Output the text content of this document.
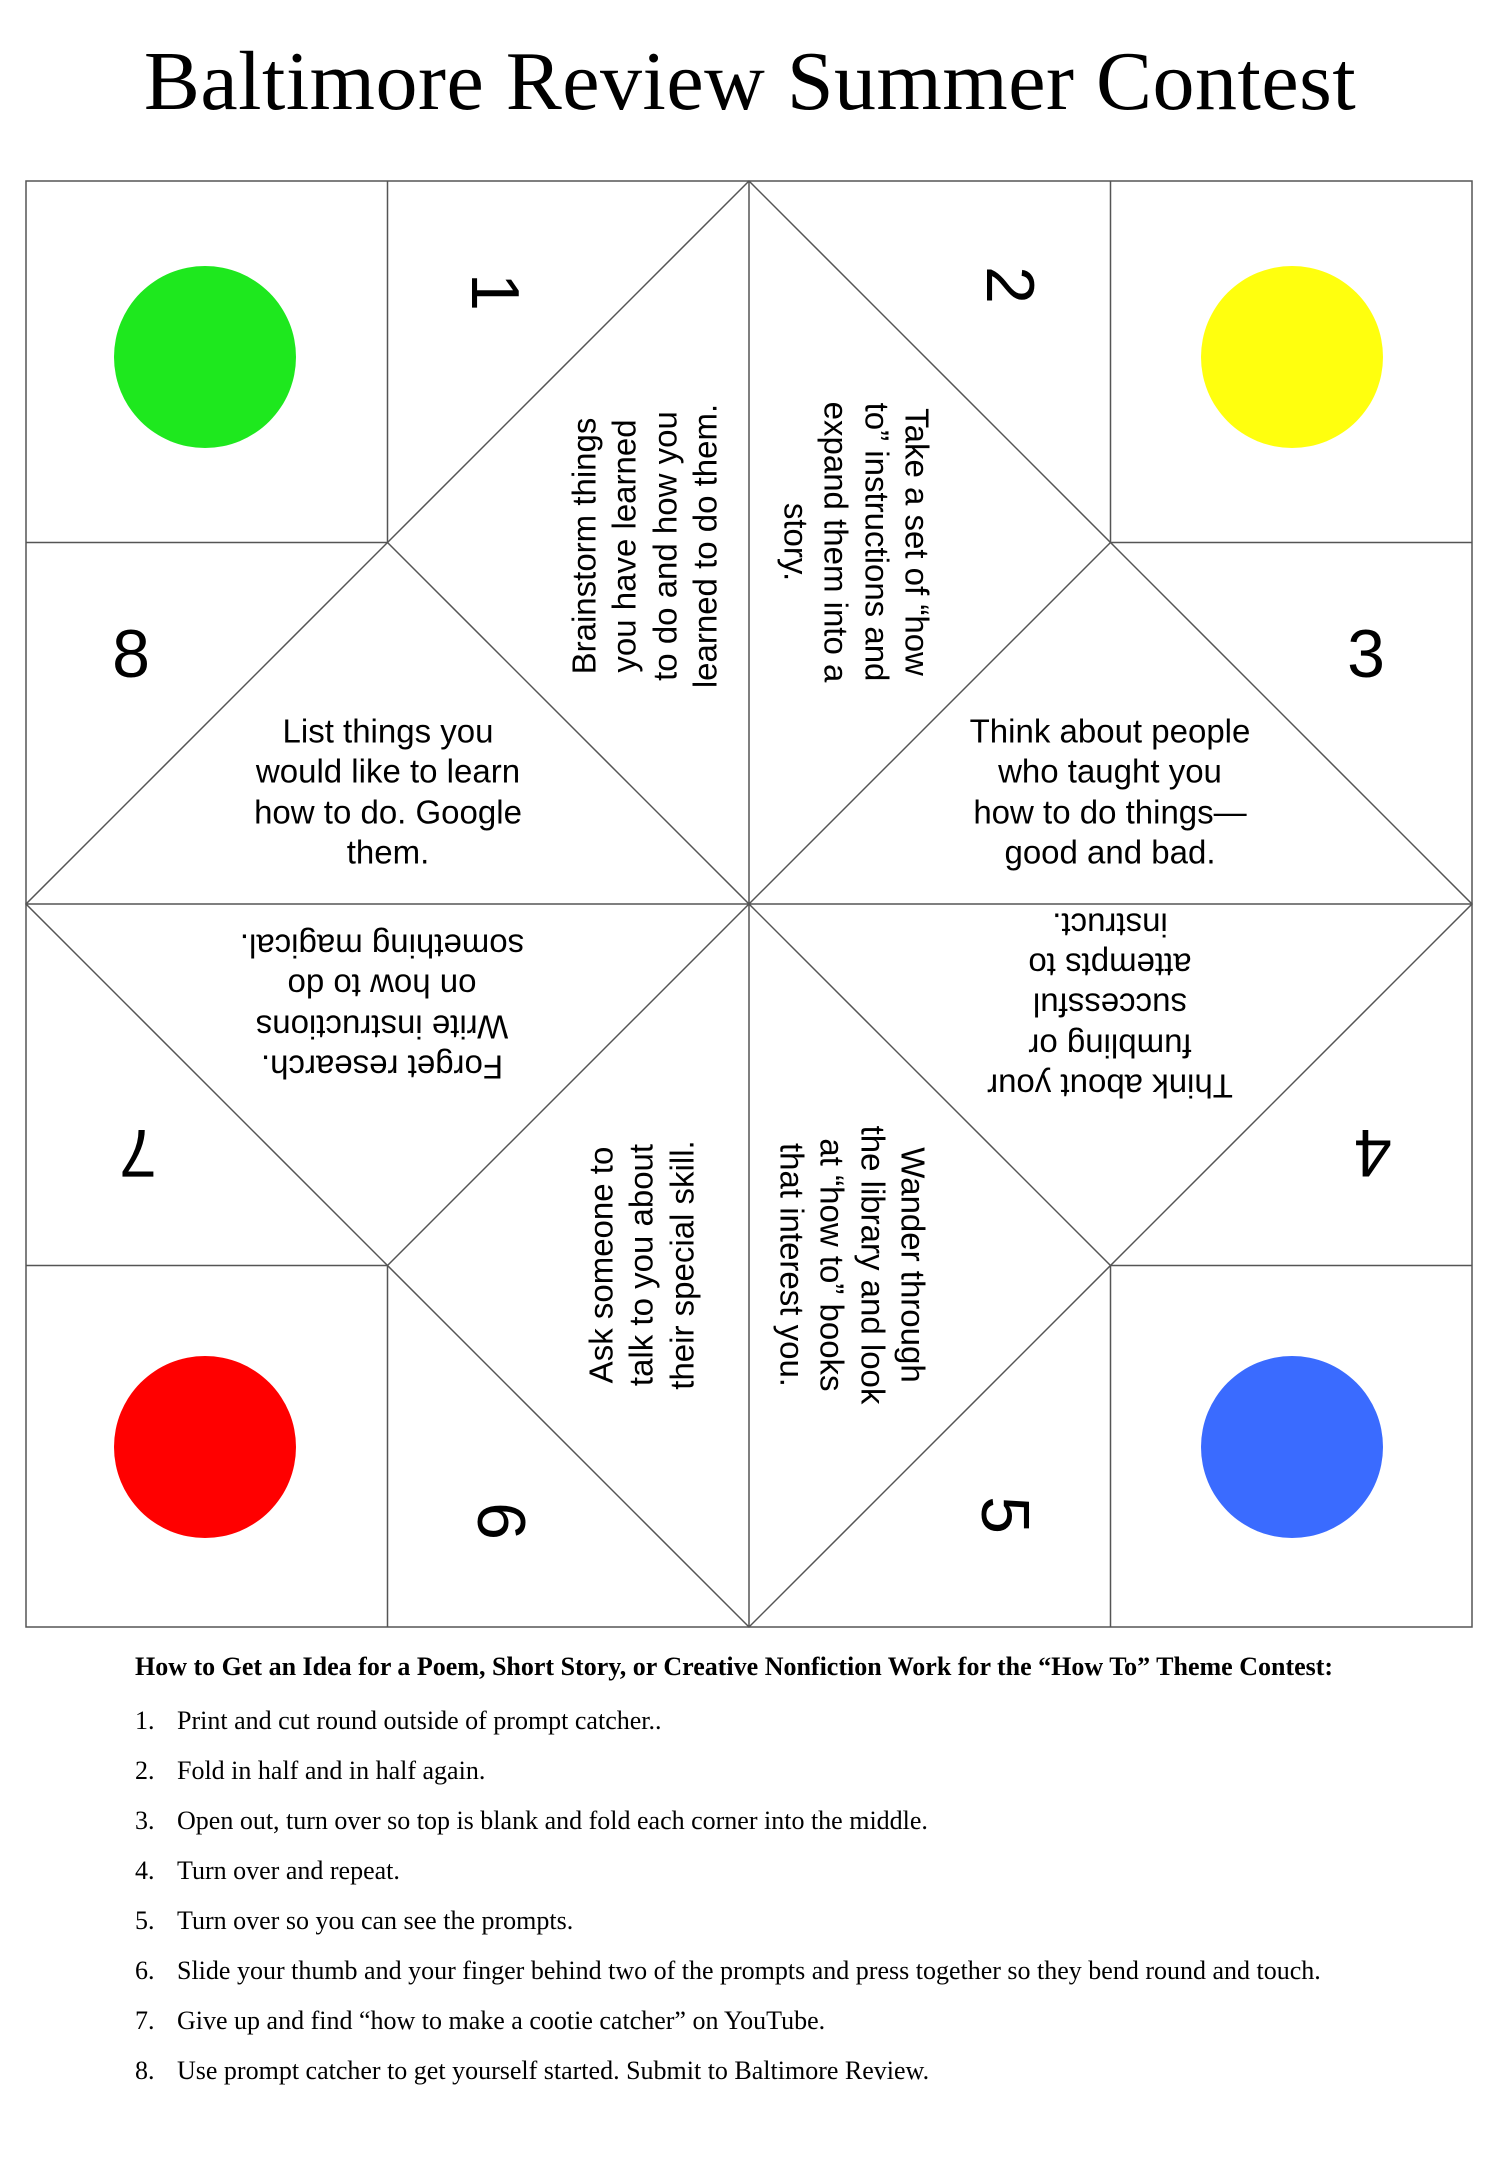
Baltimore Review Summer Contest
1	2
3
4
5
6
7
8	Brainstorm things you have learned to do and how you learned to do them.	Take a set of “how
to” instructions and
expand them into a
story.
Think about people
who taught you
how to do things—
good and bad.
Think about your
fumbling or
successful
attempts to
instruct.
Wander through
the library and look
at “how to” books
that interest you.
Ask someone to talk to you about their special skill.
Forget research.
Write instructions
on how to do
something magical.
List things you
would like to learn
how to do. Google
them.
How to Get an Idea for a Poem, Short Story, or Creative Nonfiction Work for the “How To” Theme Contest:
1. Print and cut round outside of prompt catcher..
2. Fold in half and in half again.
3. Open out, turn over so top is blank and fold each corner into the middle.
4. Turn over and repeat.
5. Turn over so you can see the prompts.
6. Slide your thumb and your finger behind two of the prompts and press together so they bend round and touch.
7. Give up and find “how to make a cootie catcher” on YouTube.
8. Use prompt catcher to get yourself started. Submit to Baltimore Review.
